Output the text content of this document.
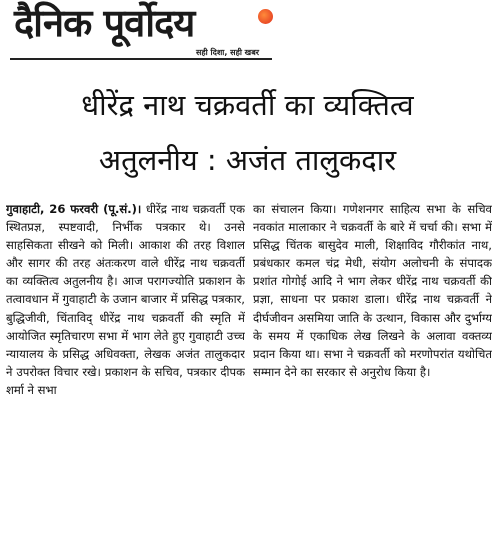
दैनिक पूर्वोदय
सही दिशा, सही खबर
धीरेंद्र नाथ चक्रवर्ती का व्यक्तित्व
अतुलनीय : अजंत तालुकदार
गुवाहाटी, 26 फरवरी (पू.सं.)। धीरेंद्र नाथ चक्रवर्ती एक स्थितप्रज्ञ, स्पष्टवादी, निर्भीक पत्रकार थे। उनसे साहसिकता सीखने को मिली। आकाश की तरह विशाल और सागर की तरह अंतःकरण वाले धीरेंद्र नाथ चक्रवर्ती का व्यक्तित्व अतुलनीय है। आज परागज्योति प्रकाशन के तत्वावधान में गुवाहाटी के उजान बाजार में प्रसिद्ध पत्रकार, बुद्धिजीवी, चिंताविद् धीरेंद्र नाथ चक्रवर्ती की स्मृति में आयोजित स्मृतिचारण सभा में भाग लेते हुए गुवाहाटी उच्च न्यायालय के प्रसिद्ध अधिवक्ता, लेखक अजंत तालुकदार ने उपरोक्त विचार रखे। प्रकाशन के सचिव, पत्रकार दीपक शर्मा ने सभा
का संचालन किया। गणेशनगर साहित्य सभा के सचिव नवकांत मालाकार ने चक्रवर्ती के बारे में चर्चा की। सभा में प्रसिद्ध चिंतक बासुदेव माली, शिक्षाविद गौरीकांत नाथ, प्रबंधकार कमल चंद्र मेधी, संयोग अलोचनी के संपादक प्रशांत गोगोई आदि ने भाग लेकर धीरेंद्र नाथ चक्रवर्ती की प्रज्ञा, साधना पर प्रकाश डाला। धीरेंद्र नाथ चक्रवर्ती ने दीर्घजीवन असमिया जाति के उत्थान, विकास और दुर्भाग्य के समय में एकाधिक लेख लिखने के अलावा वक्तव्य प्रदान किया था। सभा ने चक्रवर्ती को मरणोपरांत यथोचित सम्मान देने का सरकार से अनुरोध किया है।
